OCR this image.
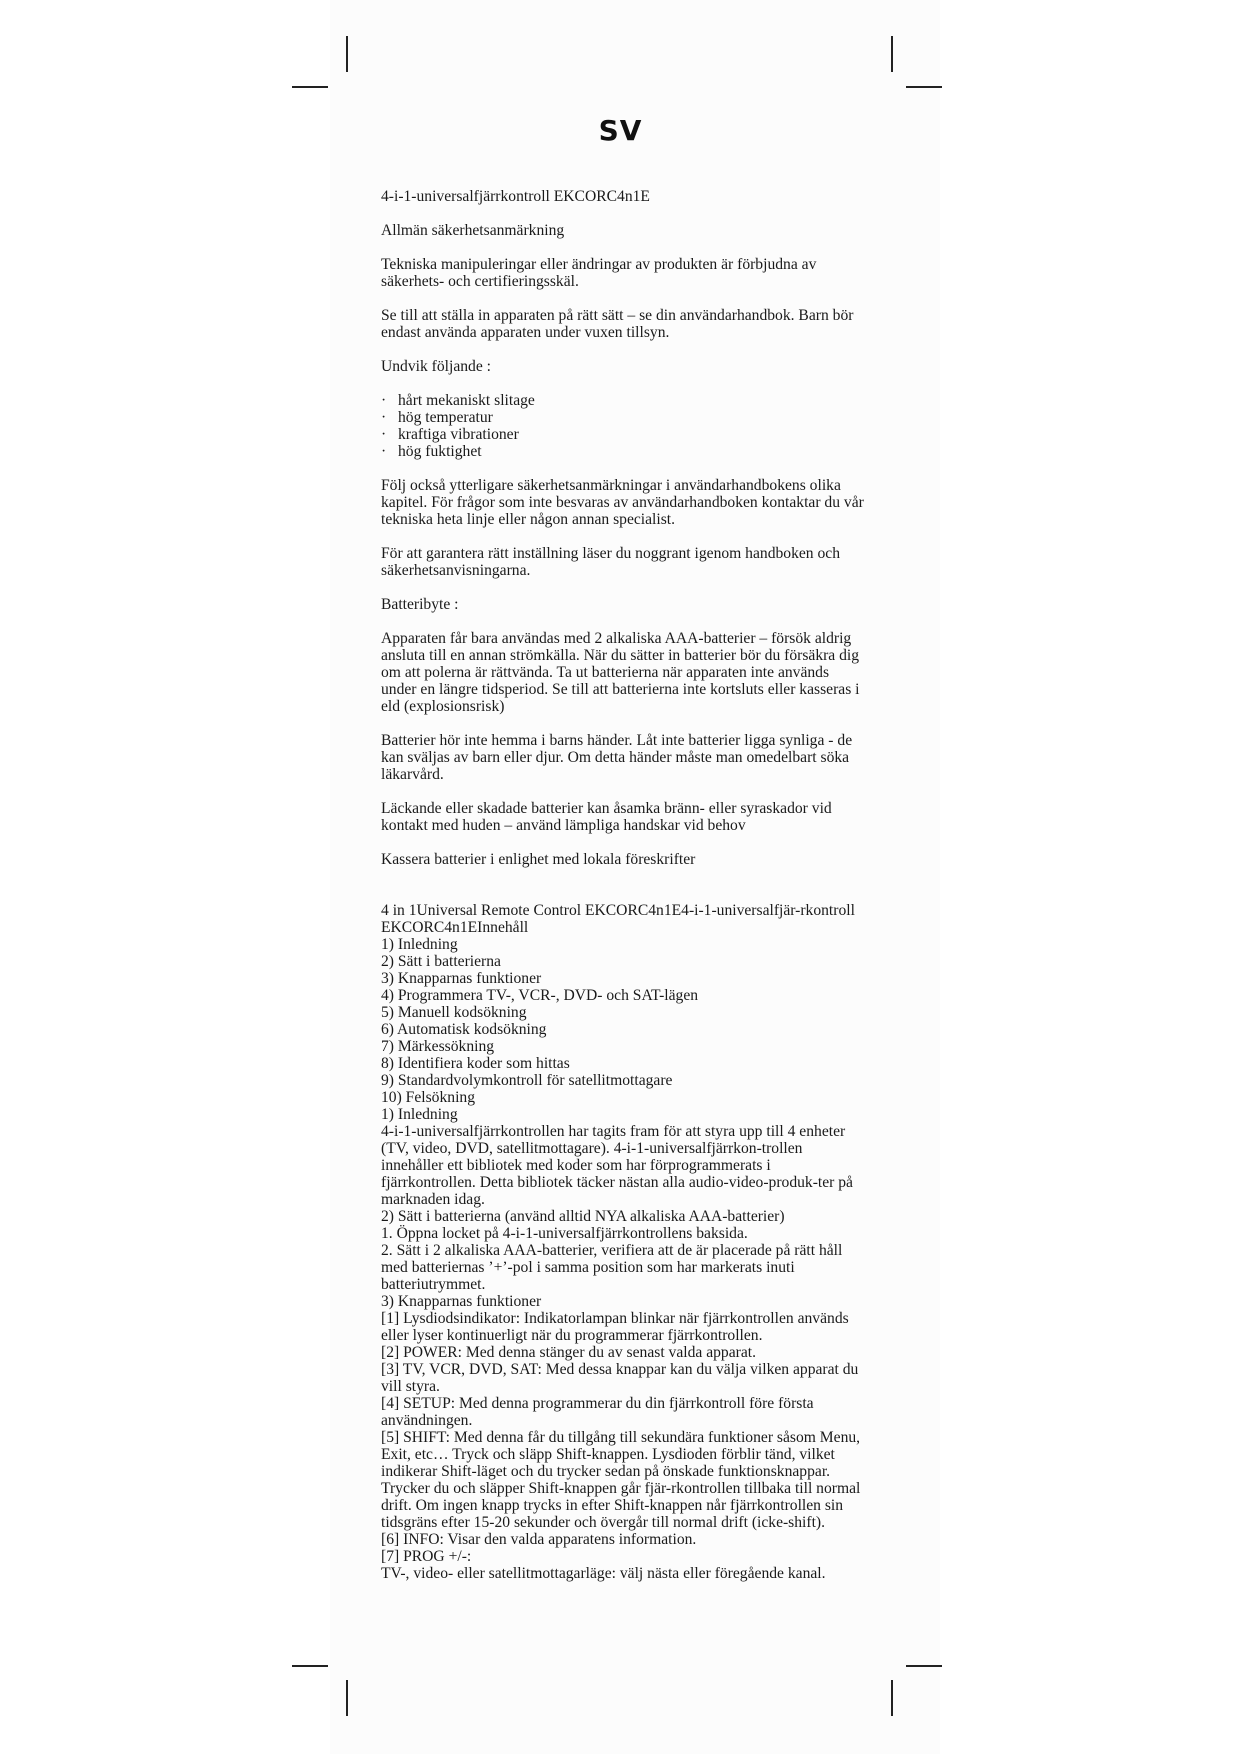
SV

4-i-1-universalfjärrkontroll EKCORC4n1E

Allmän säkerhetsanmärkning

Tekniska manipuleringar eller ändringar av produkten är förbjudna av säkerhets- och certifieringsskäl.

Se till att ställa in apparaten på rätt sätt – se din användarhandbok. Barn bör endast använda apparaten under vuxen tillsyn.

Undvik följande :

· hårt mekaniskt slitage
· hög temperatur
· kraftiga vibrationer
· hög fuktighet

Följ också ytterligare säkerhetsanmärkningar i användarhandbokens olika kapitel. För frågor som inte besvaras av användarhandboken kontaktar du vår tekniska heta linje eller någon annan specialist.

För att garantera rätt inställning läser du noggrant igenom handboken och säkerhetsanvisningarna.

Batteribyte :

Apparaten får bara användas med 2 alkaliska AAA-batterier – försök aldrig ansluta till en annan strömkälla. När du sätter in batterier bör du försäkra dig om att polerna är rättvända. Ta ut batterierna när apparaten inte används under en längre tidsperiod. Se till att batterierna inte kortsluts eller kasseras i eld (explosionsrisk)

Batterier hör inte hemma i barns händer. Låt inte batterier ligga synliga - de kan sväljas av barn eller djur. Om detta händer måste man omedelbart söka läkarvård.

Läckande eller skadade batterier kan åsamka bränn- eller syraskador vid kontakt med huden – använd lämpliga handskar vid behov

Kassera batterier i enlighet med lokala föreskrifter

4 in 1Universal Remote Control EKCORC4n1E4-i-1-universalfjär-rkontroll EKCORC4n1EInnehåll
1) Inledning
2) Sätt i batterierna
3) Knapparnas funktioner
4) Programmera TV-, VCR-, DVD- och SAT-lägen
5) Manuell kodsökning
6) Automatisk kodsökning
7) Märkessökning
8) Identifiera koder som hittas
9) Standardvolymkontroll för satellitmottagare
10) Felsökning
1) Inledning
4-i-1-universalfjärrkontrollen har tagits fram för att styra upp till 4 enheter (TV, video, DVD, satellitmottagare). 4-i-1-universalfjärrkon-trollen innehåller ett bibliotek med koder som har förprogrammerats i fjärrkontrollen. Detta bibliotek täcker nästan alla audio-video-produk-ter på marknaden idag.
2) Sätt i batterierna (använd alltid NYA alkaliska AAA-batterier)
1. Öppna locket på 4-i-1-universalfjärrkontrollens baksida.
2. Sätt i 2 alkaliska AAA-batterier, verifiera att de är placerade på rätt håll med batteriernas ’+’-pol i samma position som har markerats inuti batteriutrymmet.
3) Knapparnas funktioner
[1] Lysdiodsindikator: Indikatorlampan blinkar när fjärrkontrollen används eller lyser kontinuerligt när du programmerar fjärrkontrollen.
[2] POWER: Med denna stänger du av senast valda apparat.
[3] TV, VCR, DVD, SAT: Med dessa knappar kan du välja vilken apparat du vill styra.
[4] SETUP: Med denna programmerar du din fjärrkontroll före första användningen.
[5] SHIFT: Med denna får du tillgång till sekundära funktioner såsom Menu, Exit, etc… Tryck och släpp Shift-knappen. Lysdioden förblir tänd, vilket indikerar Shift-läget och du trycker sedan på önskade funktionsknappar. Trycker du och släpper Shift-knappen går fjär-rkontrollen tillbaka till normal drift. Om ingen knapp trycks in efter Shift-knappen når fjärrkontrollen sin tidsgräns efter 15-20 sekunder och övergår till normal drift (icke-shift).
[6] INFO: Visar den valda apparatens information.
[7] PROG +/-:
TV-, video- eller satellitmottagarläge: välj nästa eller föregående kanal.
